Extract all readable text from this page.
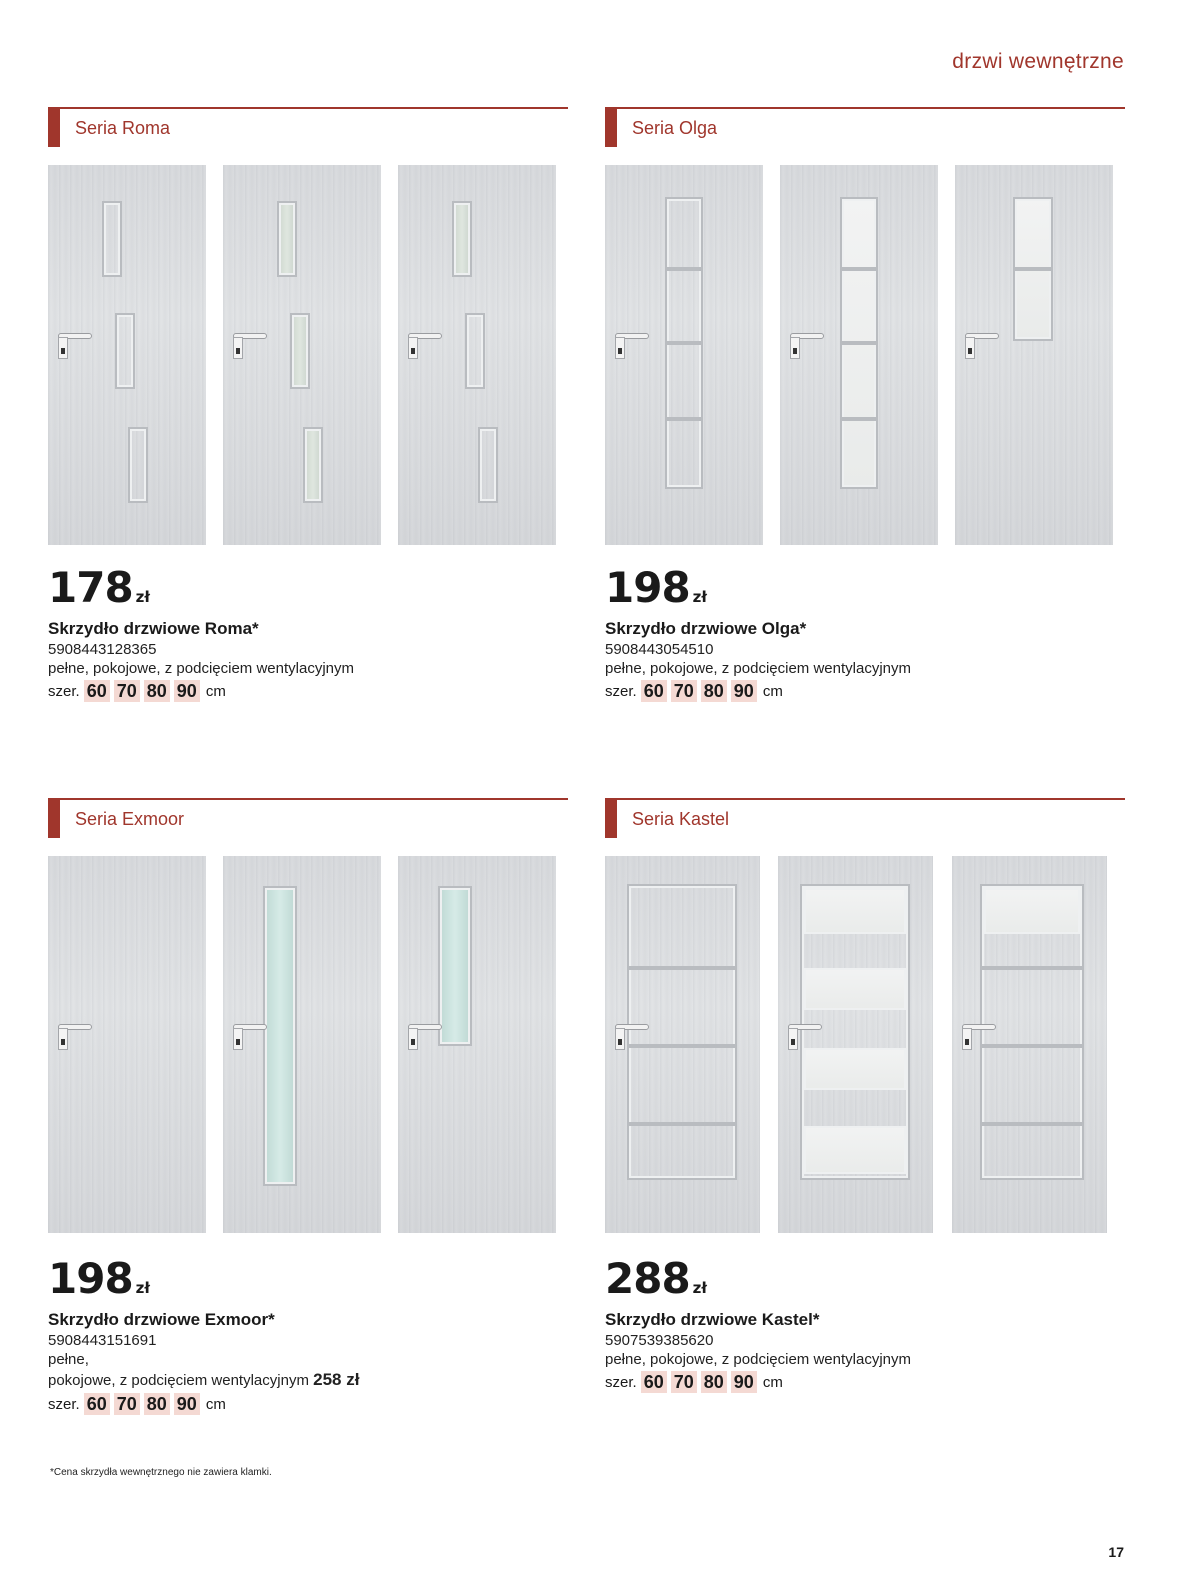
drzwi wewnętrzne
Seria Roma
178 zł
Skrzydło drzwiowe Roma*
5908443128365
pełne, pokojowe, z podcięciem wentylacyjnym
szer. 60 70 80 90 cm
Seria Olga
198 zł
Skrzydło drzwiowe Olga*
5908443054510
pełne, pokojowe, z podcięciem wentylacyjnym
szer. 60 70 80 90 cm
Seria Exmoor
198 zł
Skrzydło drzwiowe Exmoor*
5908443151691
pełne,
pokojowe, z podcięciem wentylacyjnym 258 zł
szer. 60 70 80 90 cm
Seria Kastel
288 zł
Skrzydło drzwiowe Kastel*
5907539385620
pełne, pokojowe, z podcięciem wentylacyjnym
szer. 60 70 80 90 cm
*Cena skrzydła wewnętrznego nie zawiera klamki.
17
